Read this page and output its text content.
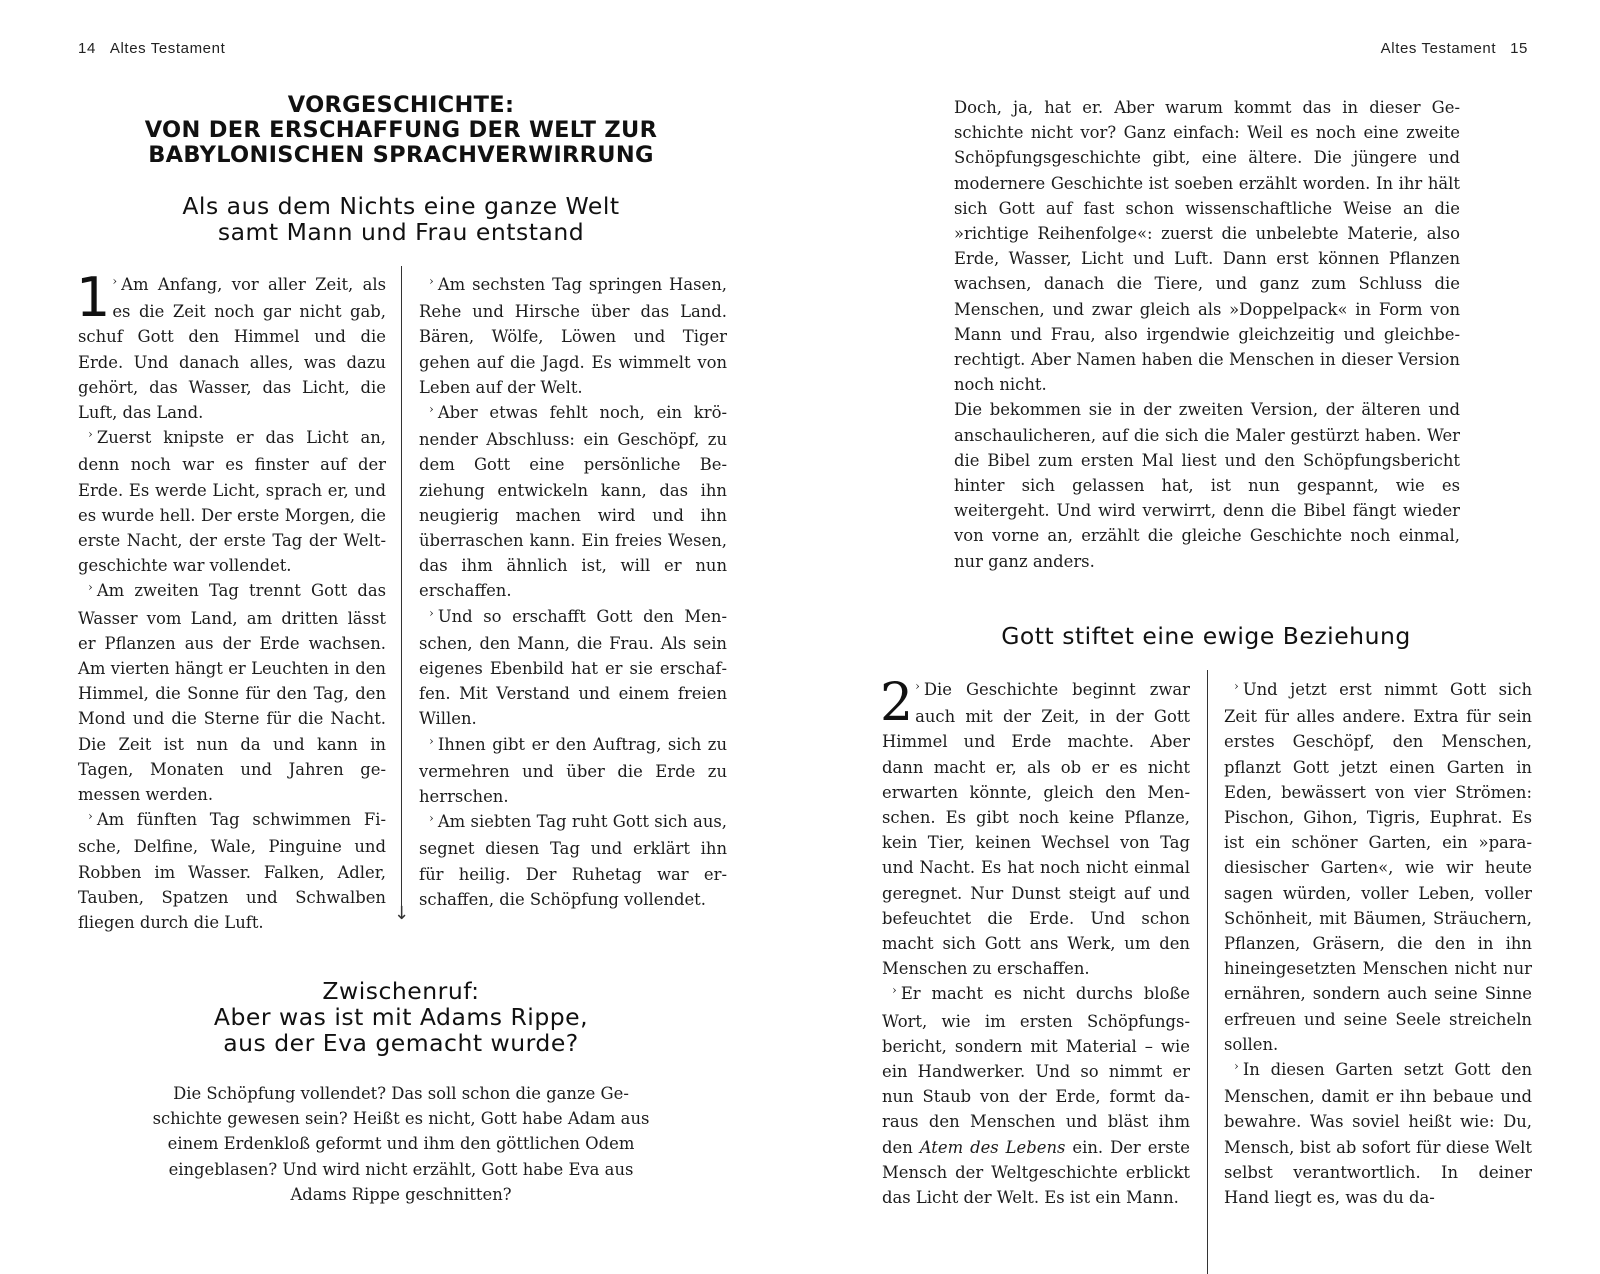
14 Altes Testament
VORGESCHICHTE:
VON DER ERSCHAFFUNG DER WELT ZUR
BABYLONISCHEN SPRACHVERWIRRUNG
Als aus dem Nichts eine ganze Welt
samt Mann und Frau entstand

1 › Am Anfang, vor aller Zeit, als es die Zeit noch gar nicht gab, schuf Gott den Himmel und die Erde. Und danach alles, was dazu gehört, das Wasser, das Licht, die Luft, das Land.

› Zuerst knipste er das Licht an, denn noch war es finster auf der Erde. Es werde Licht, sprach er, und es wurde hell. Der erste Morgen, die erste Nacht, der erste Tag der Weltgeschichte war vollendet.

› Am zweiten Tag trennt Gott das Wasser vom Land, am dritten lässt er Pflanzen aus der Erde wachsen. Am vierten hängt er Leuchten in den Himmel, die Sonne für den Tag, den Mond und die Sterne für die Nacht. Die Zeit ist nun da und kann in Tagen, Monaten und Jahren gemessen werden.

› Am fünften Tag schwimmen Fische, Delfine, Wale, Pinguine und Robben im Wasser. Falken, Adler, Tauben, Spatzen und Schwalben fliegen durch die Luft.	↓

› Am sechsten Tag springen Hasen, Rehe und Hirsche über das Land. Bären, Wölfe, Löwen und Tiger gehen auf die Jagd. Es wimmelt von Leben auf der Welt.

› Aber etwas fehlt noch, ein krönender Abschluss: ein Geschöpf, zu dem Gott eine persönliche Beziehung entwickeln kann, das ihn neugierig machen wird und ihn überraschen kann. Ein freies Wesen, das ihm ähnlich ist, will er nun erschaffen.

› Und so erschafft Gott den Menschen, den Mann, die Frau. Als sein eigenes Ebenbild hat er sie erschaffen. Mit Verstand und einem freien Willen.

› Ihnen gibt er den Auftrag, sich zu vermehren und über die Erde zu herrschen.

› Am siebten Tag ruht Gott sich aus, segnet diesen Tag und erklärt ihn für heilig. Der Ruhetag war erschaffen, die Schöpfung vollendet.

Zwischenruf:
Aber was ist mit Adams Rippe,
aus der Eva gemacht wurde?

Die Schöpfung vollendet? Das soll schon die ganze Geschichte gewesen sein? Heißt es nicht, Gott habe Adam aus einem Erdenkloß geformt und ihm den göttlichen Odem eingeblasen? Und wird nicht erzählt, Gott habe Eva aus Adams Rippe geschnitten?

Altes Testament 15

Doch, ja, hat er. Aber warum kommt das in dieser Geschichte nicht vor? Ganz einfach: Weil es noch eine zweite Schöpfungsgeschichte gibt, eine ältere. Die jüngere und modernere Geschichte ist soeben erzählt worden. In ihr hält sich Gott auf fast schon wissenschaftliche Weise an die »richtige Reihenfolge«: zuerst die unbelebte Materie, also Erde, Wasser, Licht und Luft. Dann erst können Pflanzen wachsen, danach die Tiere, und ganz zum Schluss die Menschen, und zwar gleich als »Doppelpack« in Form von Mann und Frau, also irgendwie gleichzeitig und gleichberechtigt. Aber Namen haben die Menschen in dieser Version noch nicht.

Die bekommen sie in der zweiten Version, der älteren und anschaulicheren, auf die sich die Maler gestürzt haben. Wer die Bibel zum ersten Mal liest und den Schöpfungsbericht hinter sich gelassen hat, ist nun gespannt, wie es weitergeht. Und wird verwirrt, denn die Bibel fängt wieder von vorne an, erzählt die gleiche Geschichte noch einmal, nur ganz anders.

Gott stiftet eine ewige Beziehung

2 › Die Geschichte beginnt zwar auch mit der Zeit, in der Gott Himmel und Erde machte. Aber dann macht er, als ob er es nicht erwarten könnte, gleich den Menschen. Es gibt noch keine Pflanze, kein Tier, keinen Wechsel von Tag und Nacht. Es hat noch nicht einmal geregnet. Nur Dunst steigt auf und befeuchtet die Erde. Und schon macht sich Gott ans Werk, um den Menschen zu erschaffen.

› Er macht es nicht durchs bloße Wort, wie im ersten Schöpfungsbericht, sondern mit Material – wie ein Handwerker. Und so nimmt er nun Staub von der Erde, formt daraus den Menschen und bläst ihm den Atem des Lebens ein. Der erste Mensch der Weltgeschichte erblickt das Licht der Welt. Es ist ein Mann.

› Und jetzt erst nimmt Gott sich Zeit für alles andere. Extra für sein erstes Geschöpf, den Menschen, pflanzt Gott jetzt einen Garten in Eden, bewässert von vier Strömen: Pischon, Gihon, Tigris, Euphrat. Es ist ein schöner Garten, ein »paradiesischer Garten«, wie wir heute sagen würden, voller Leben, voller Schönheit, mit Bäumen, Sträuchern, Pflanzen, Gräsern, die den in ihn hineingesetzten Menschen nicht nur ernähren, sondern auch seine Sinne erfreuen und seine Seele streicheln sollen.

› In diesen Garten setzt Gott den Menschen, damit er ihn bebaue und bewahre. Was soviel heißt wie: Du, Mensch, bist ab sofort für diese Welt selbst verantwortlich. In deiner Hand liegt es, was du da-
